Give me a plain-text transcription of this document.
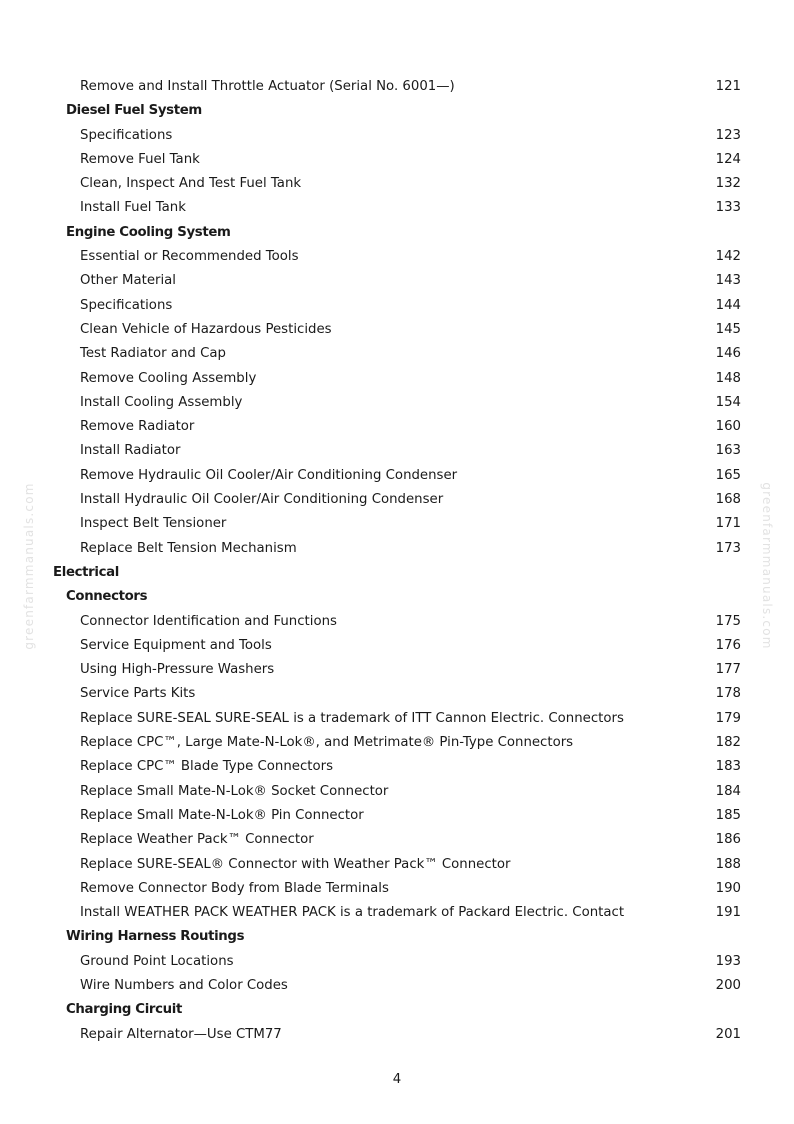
Remove and Install Throttle Actuator (Serial No. 6001—)	121
Diesel Fuel System
Specifications	123
Remove Fuel Tank	124
Clean, Inspect And Test Fuel Tank	132
Install Fuel Tank	133
Engine Cooling System
Essential or Recommended Tools	142
Other Material	143
Specifications	144
Clean Vehicle of Hazardous Pesticides	145
Test Radiator and Cap	146
Remove Cooling Assembly	148
Install Cooling Assembly	154
Remove Radiator	160
Install Radiator	163
Remove Hydraulic Oil Cooler/Air Conditioning Condenser	165
Install Hydraulic Oil Cooler/Air Conditioning Condenser	168
Inspect Belt Tensioner	171
Replace Belt Tension Mechanism	173
Electrical
Connectors
Connector Identification and Functions	175
Service Equipment and Tools	176
Using High-Pressure Washers	177
Service Parts Kits	178
Replace SURE-SEAL SURE-SEAL is a trademark of ITT Cannon Electric. Connectors	179
Replace CPC™, Large Mate-N-Lok®, and Metrimate® Pin-Type Connectors	182
Replace CPC™ Blade Type Connectors	183
Replace Small Mate-N-Lok® Socket Connector	184
Replace Small Mate-N-Lok® Pin Connector	185
Replace Weather Pack™ Connector	186
Replace SURE-SEAL® Connector with Weather Pack™ Connector	188
Remove Connector Body from Blade Terminals	190
Install WEATHER PACK WEATHER PACK is a trademark of Packard Electric. Contact	191
Wiring Harness Routings
Ground Point Locations	193
Wire Numbers and Color Codes	200
Charging Circuit
Repair Alternator—Use CTM77	201
greenfarmmanuals.com	greenfarmmanuals.com
4
